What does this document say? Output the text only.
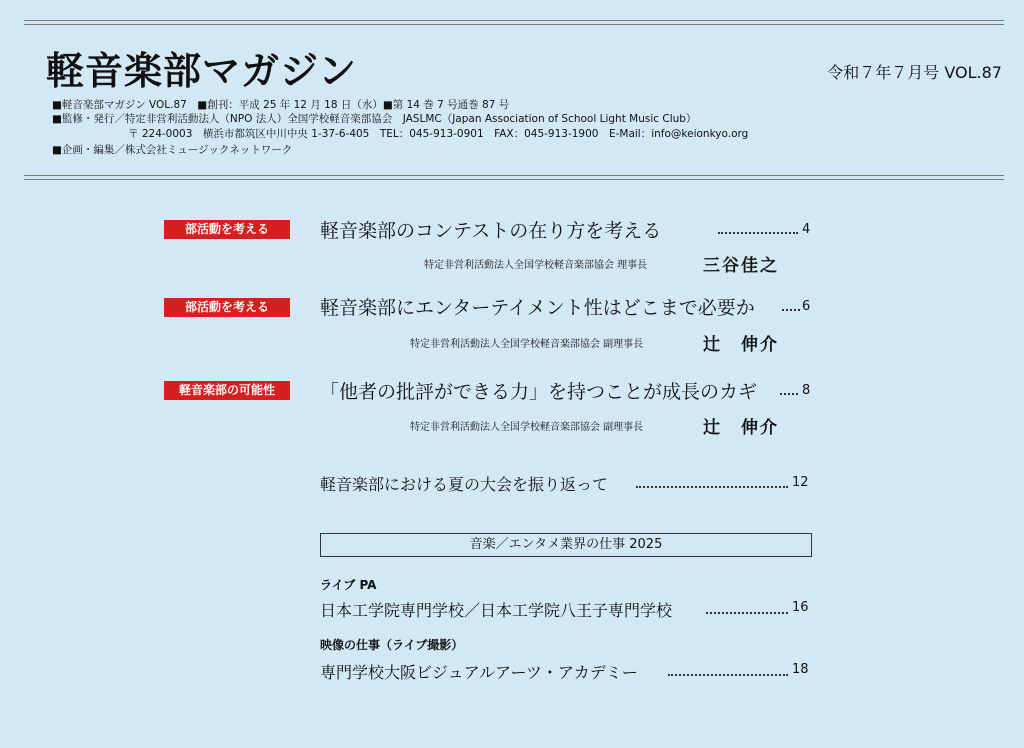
軽音楽部マガジン	令和７年７月号 VOL.87
■軽音楽部マガジン VOL.87　■創刊：平成 25 年 12 月 18 日（水）■第 14 巻 7 号通巻 87 号
■監修・発行／特定非営利活動法人（NPO 法人）全国学校軽音楽部協会　JASLMC（Japan Association of School Light Music Club）
〒 224-0003　横浜市都筑区中川中央 1-37-6-405　TEL：045-913-0901　FAX：045-913-1900　E-Mail：info@keionkyo.org
■企画・編集／株式会社ミュージックネットワーク
部活動を考える	軽音楽部のコンテストの在り方を考える	4
特定非営利活動法人全国学校軽音楽部協会 理事長	三谷佳之
部活動を考える	軽音楽部にエンターテイメント性はどこまで必要か	6
特定非営利活動法人全国学校軽音楽部協会 副理事長	辻　伸介
軽音楽部の可能性	「他者の批評ができる力」を持つことが成長のカギ	8
特定非営利活動法人全国学校軽音楽部協会 副理事長	辻　伸介
軽音楽部における夏の大会を振り返って	12
音楽／エンタメ業界の仕事 2025
ライブ PA
日本工学院専門学校／日本工学院八王子専門学校	16
映像の仕事（ライブ撮影）
専門学校大阪ビジュアルアーツ・アカデミー	18
